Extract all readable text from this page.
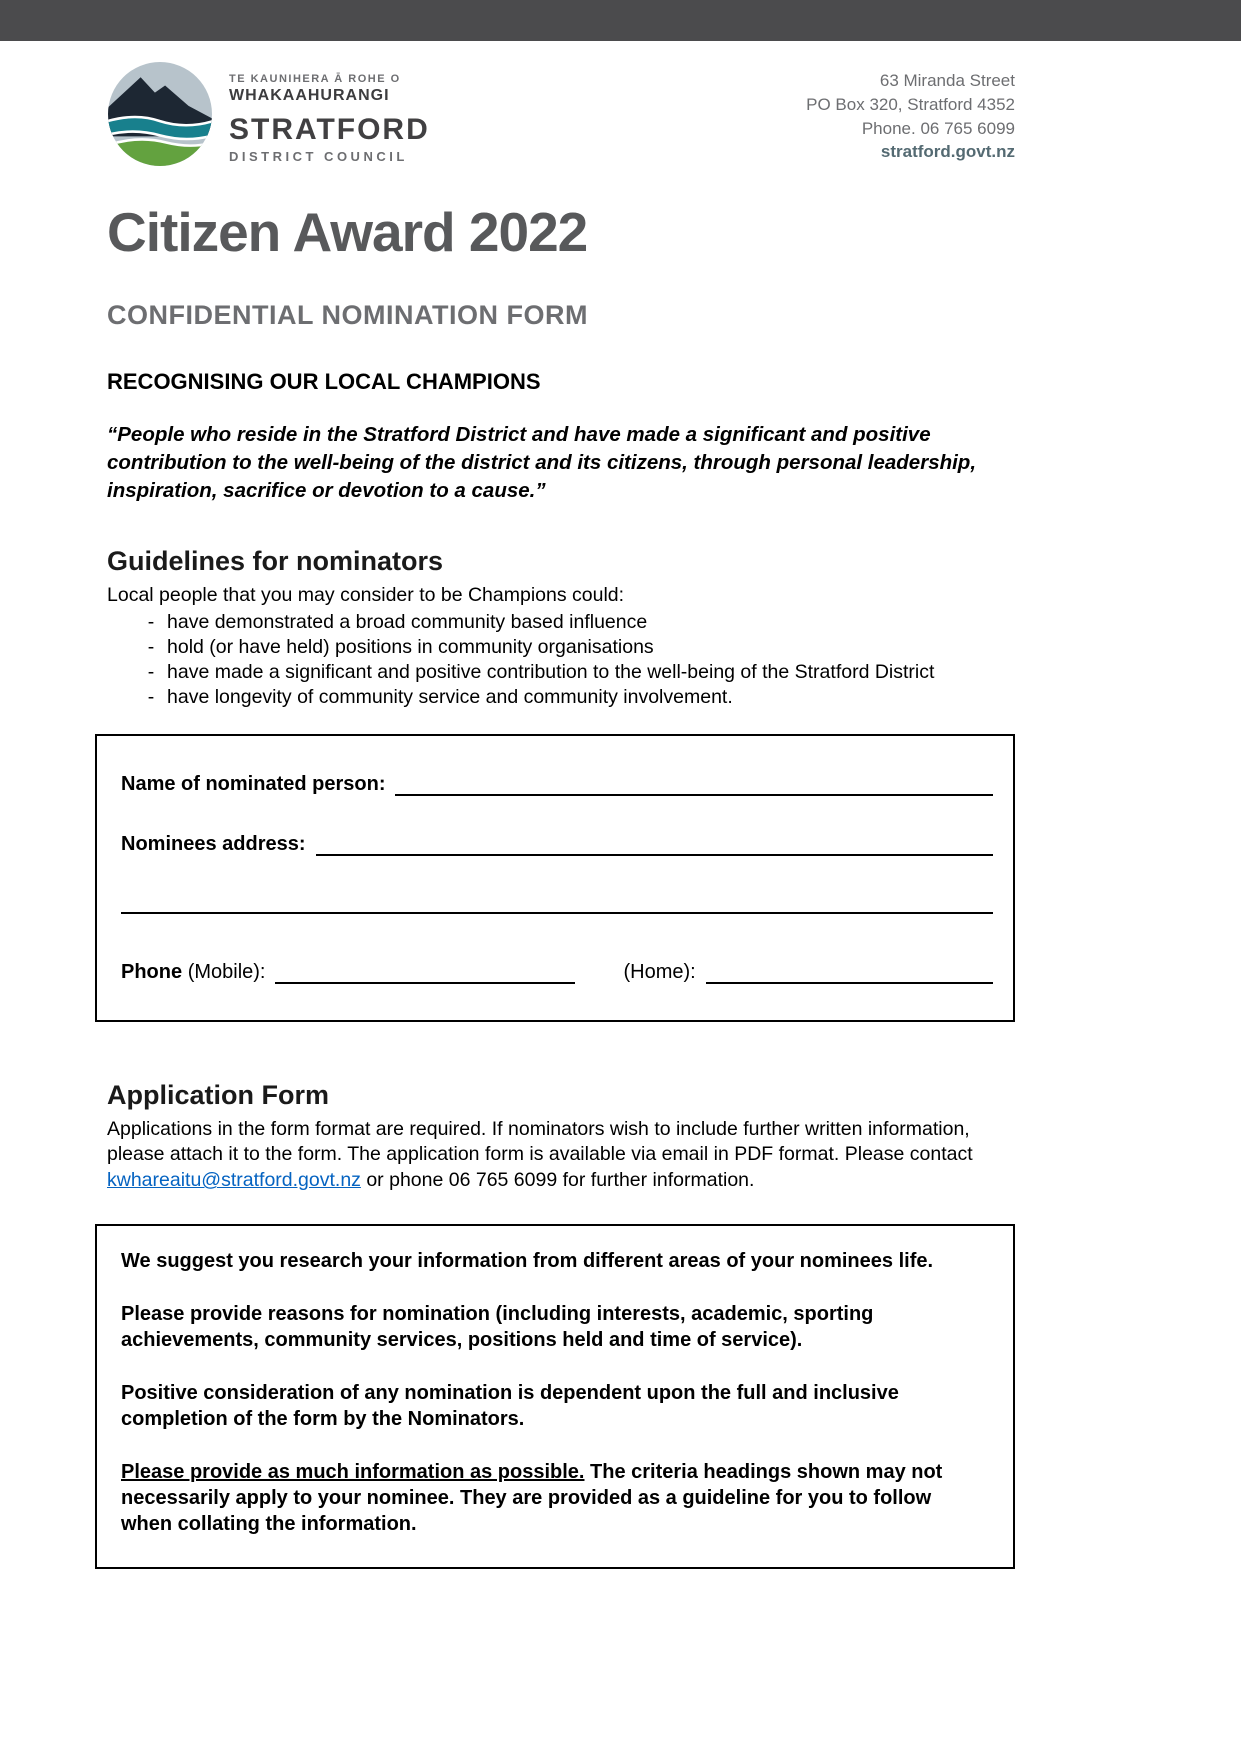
TE KAUNIHERA Ā ROHE O
WHAKAAHURANGI
STRATFORD
DISTRICT COUNCIL
63 Miranda Street
PO Box 320, Stratford 4352
Phone. 06 765 6099
stratford.govt.nz
Citizen Award 2022
CONFIDENTIAL NOMINATION FORM
RECOGNISING OUR LOCAL CHAMPIONS

“People who reside in the Stratford District and have made a significant and positive contribution to the well-being of the district and its citizens, through personal leadership, inspiration, sacrifice or devotion to a cause.”

Guidelines for nominators

Local people that you may consider to be Champions could:

- have demonstrated a broad community based influence
- hold (or have held) positions in community organisations
- have made a significant and positive contribution to the well-being of the Stratford District
- have longevity of community service and community involvement.
Name of nominated person:
Nominees address:
Phone (Mobile):	(Home):
Application Form

Applications in the form format are required. If nominators wish to include further written information, please attach it to the form. The application form is available via email in PDF format. Please contact kwhareaitu@stratford.govt.nz or phone 06 765 6099 for further information.

We suggest you research your information from different areas of your nominees life.

Please provide reasons for nomination (including interests, academic, sporting achievements, community services, positions held and time of service).

Positive consideration of any nomination is dependent upon the full and inclusive completion of the form by the Nominators.

Please provide as much information as possible. The criteria headings shown may not necessarily apply to your nominee. They are provided as a guideline for you to follow when collating the information.
